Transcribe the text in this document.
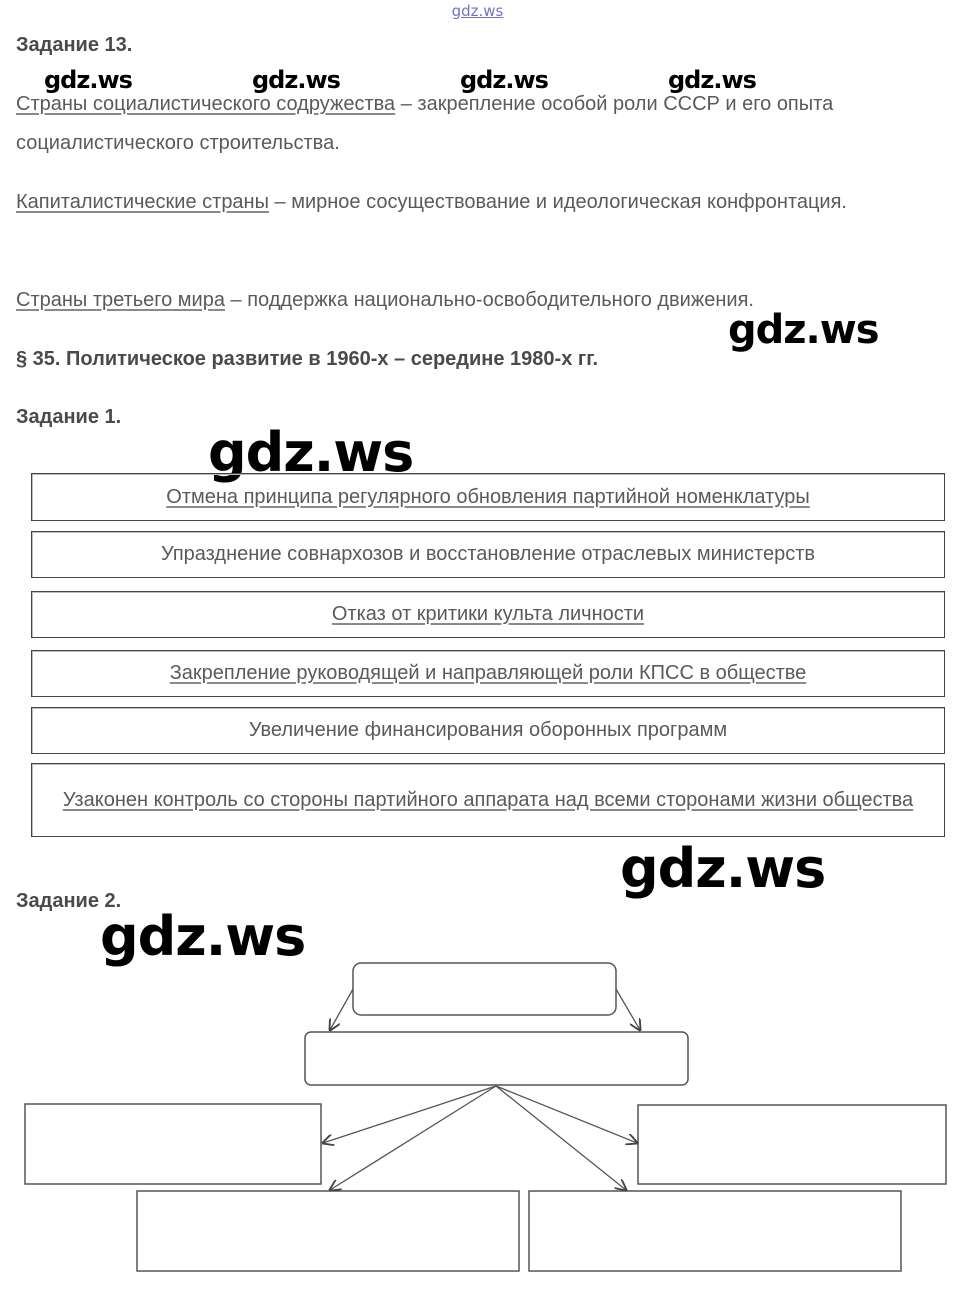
gdz.ws
Задание 13.
gdz.ws	gdz.ws	gdz.ws	gdz.ws
Страны социалистического содружества – закрепление особой роли СССР и его опыта социалистического строительства.
Капиталистические страны – мирное сосуществование и идеологическая конфронтация.
Страны третьего мира – поддержка национально-освободительного движения.
gdz.ws
§ 35. Политическое развитие в 1960-х – середине 1980-х гг.
Задание 1.
gdz.ws
Отмена принципа регулярного обновления партийной номенклатуры
Упразднение совнархозов и восстановление отраслевых министерств
Отказ от критики культа личности
Закрепление руководящей и направляющей роли КПСС в обществе
Увеличение финансирования оборонных программ
Узаконен контроль со стороны партийного аппарата над всеми сторонами жизни общества
gdz.ws
Задание 2.
gdz.ws
